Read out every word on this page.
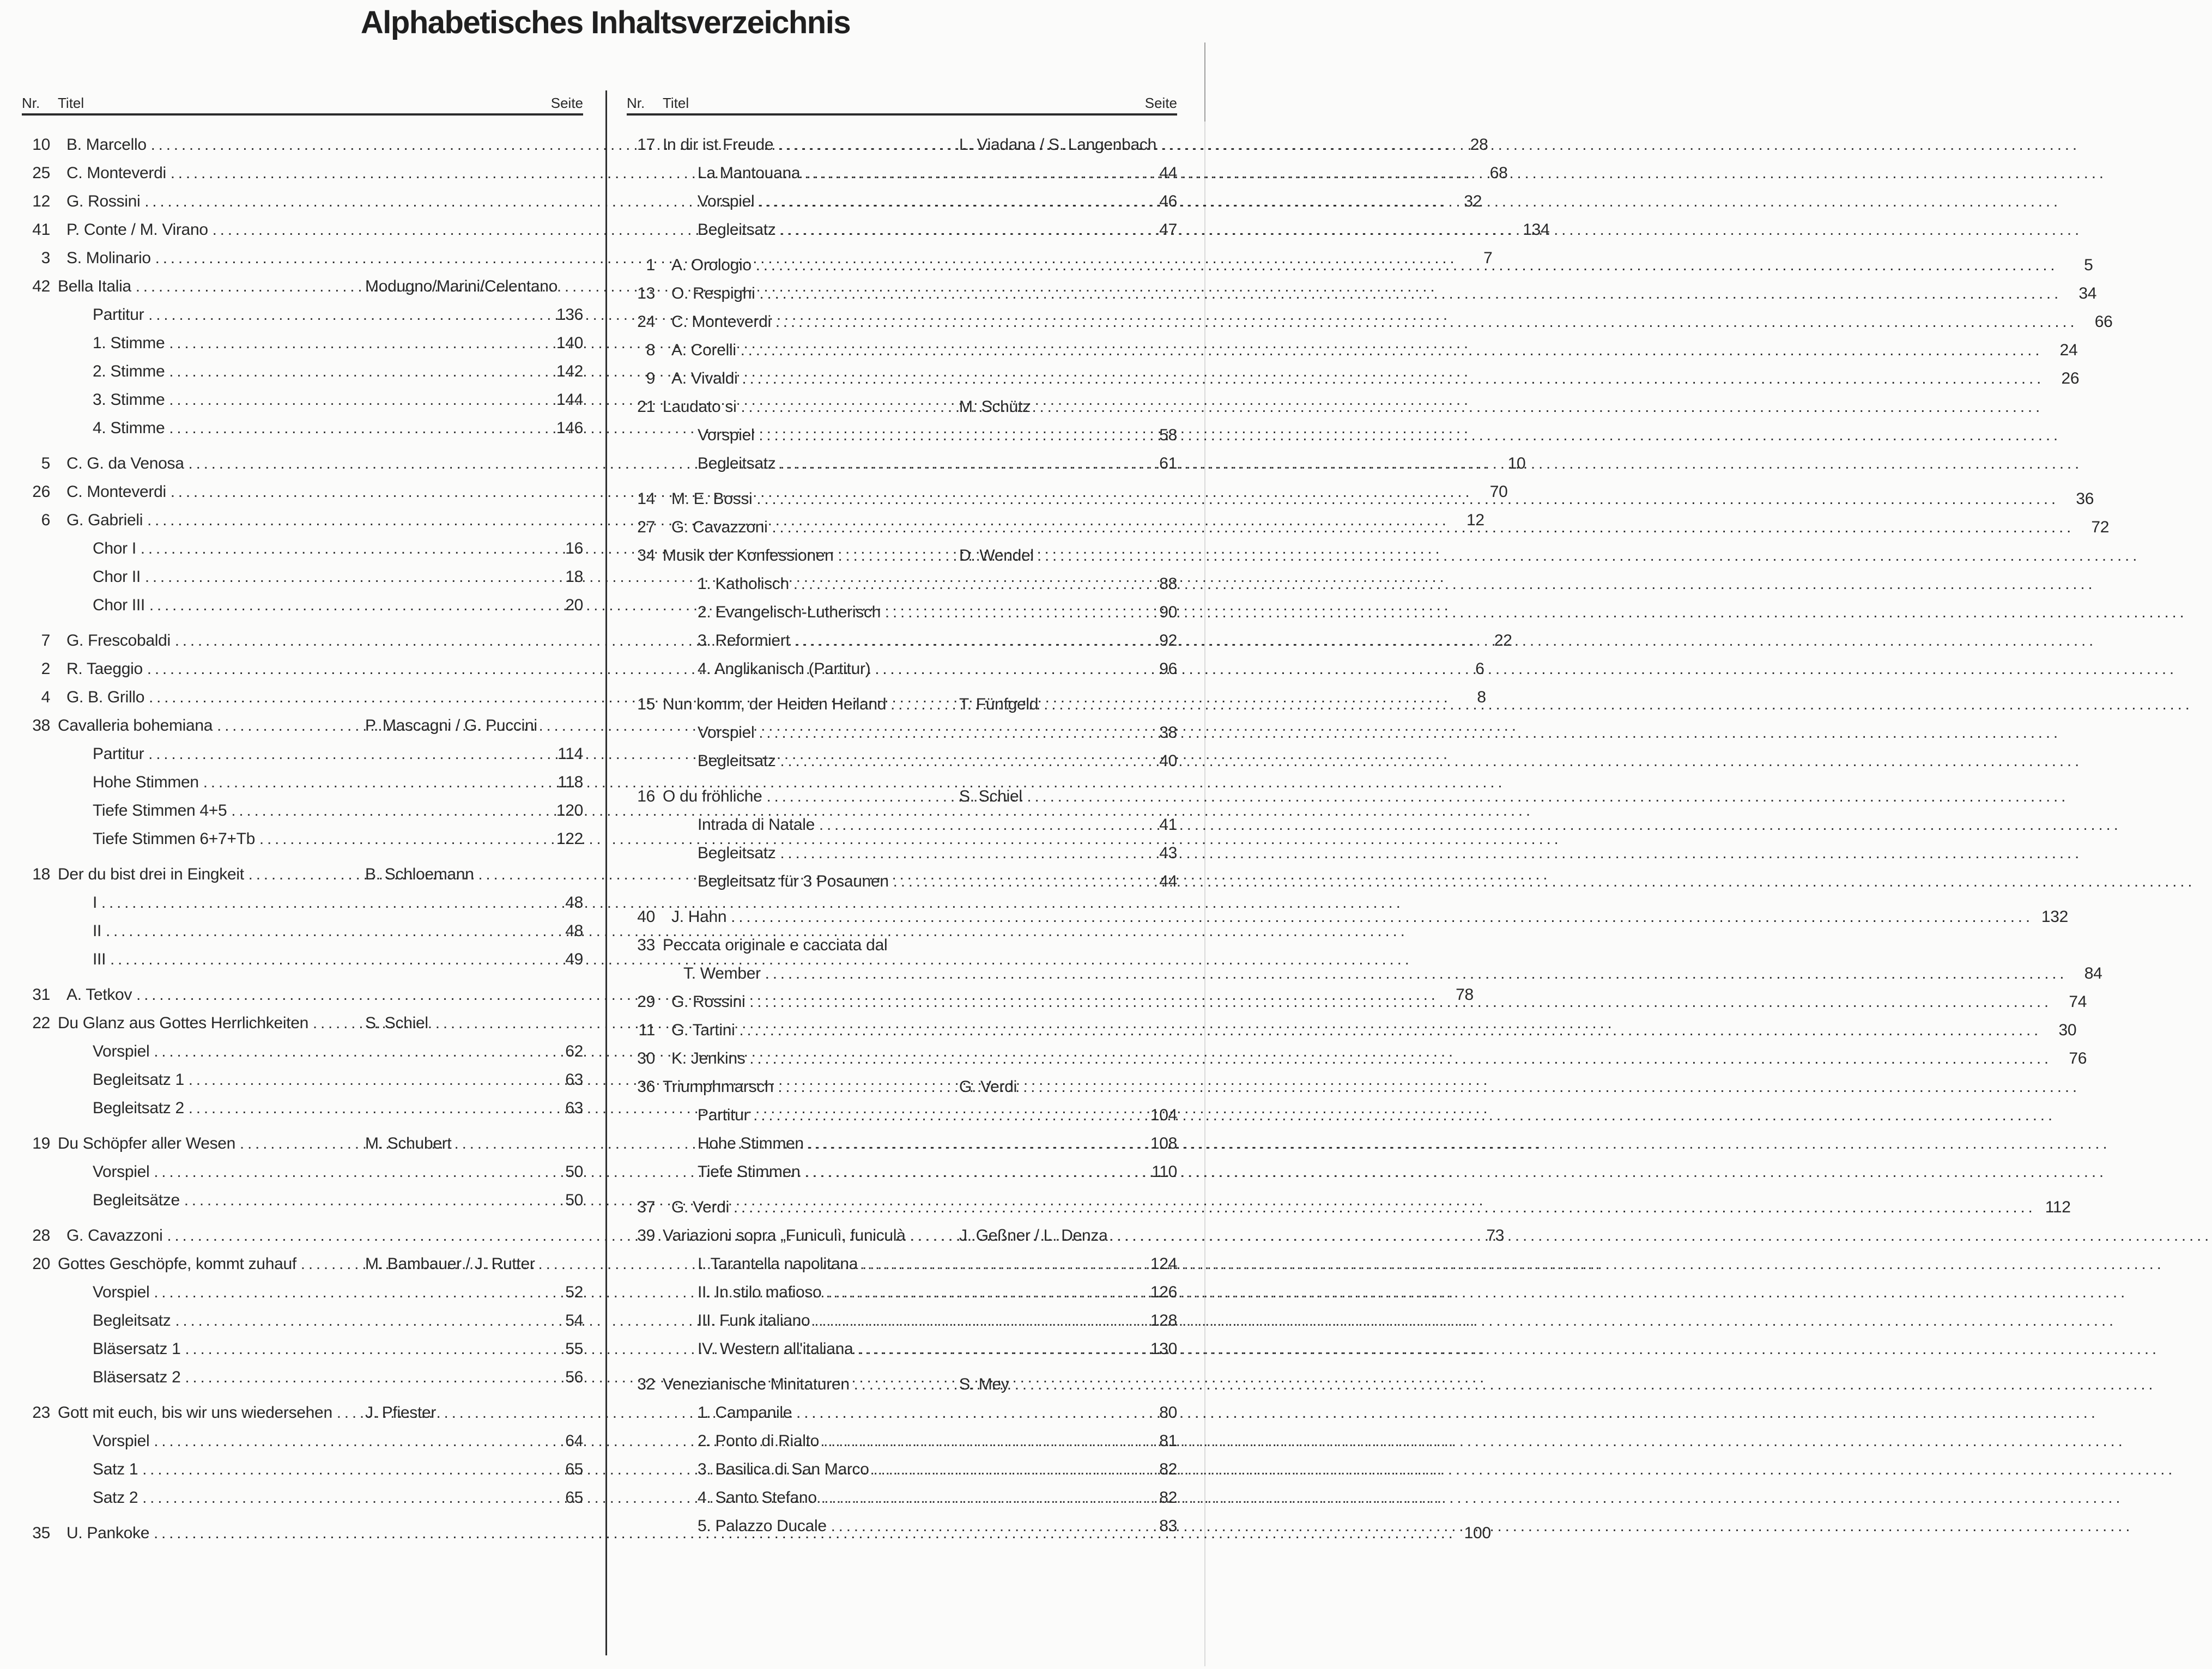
Alphabetisches Inhaltsverzeichnis
Nr.	Titel	Seite
10 B. Marcello .....	28
25 C. Monteverdi .....	68
12 G. Rossini .....	32
41 P. Conte / M. Virano .....	134
3 S. Molinario .....	7
42 Bella Italia .....	Modugno/Marini/Celentano
Partitur .....	136
1. Stimme .....	140
2. Stimme .....	142
3. Stimme .....	144
4. Stimme .....	146
5 C. G. da Venosa .....	10
26 C. Monteverdi .....	70
6 G. Gabrieli .....	12
Chor I .....	16
Chor II .....	18
Chor III .....	20
7 G. Frescobaldi .....	22
2 R. Taeggio .....	6
4 G. B. Grillo .....	8
38 Cavalleria bohemiana .....	P. Mascagni / G. Puccini
Partitur .....	114
Hohe Stimmen .....	118
Tiefe Stimmen 4+5 .....	120
Tiefe Stimmen 6+7+Tb .....	122
18 Der du bist drei in Eingkeit .....	B. Schloemann
I .....	48
II .....	48
III .....	49
31 A. Tetkov .....	78
22 Du Glanz aus Gottes Herrlichkeiten .....	S. Schiel
Vorspiel .....	62
Begleitsatz 1 .....	63
Begleitsatz 2 .....	63
19 Du Schöpfer aller Wesen .....	M. Schubert
Vorspiel .....	50
Begleitsätze .....	50
28 G. Cavazzoni .....	73
20 Gottes Geschöpfe, kommt zuhauf .....	M. Bambauer / J. Rutter
Vorspiel .....	52
Begleitsatz .....	54
Bläsersatz 1 .....	55
Bläsersatz 2 .....	56
23 Gott mit euch, bis wir uns wiedersehen ..... J. Pfiester
Vorspiel .....	64
Satz 1 .....	65
Satz 2 .....	65
35 U. Pankoke .....	100
Nr.	Titel	Seite
17 In dir ist Freude .....	L. Viadana / S. Langenbach
La Mantouana .....	44
Vorspiel .....	46
Begleitsatz .....	47
1 A. Orologio .....	5
13 O. Respighi .....	34
24 C. Monteverdi .....	66
8 A. Corelli .....	24
9 A. Vivaldi .....	26
21 Laudato si .....	M. Schütz
Vorspiel .....	58
Begleitsatz .....	61
14 M. E. Bossi .....	36
27 G. Cavazzoni .....	72
34 Musik der Konfessionen .....	D. Wendel
1. Katholisch .....	88
2. Evangelisch-Lutherisch .....	90
3. Reformiert .....	92
4. Anglikanisch (Partitur) .....	96
15 Nun komm, der Heiden Heiland .....	T. Fünfgeld
Vorspiel .....	38
Begleitsatz .....	40
16 O du fröhliche .....	S. Schiel
Intrada di Natale .....	41
Begleitsatz .....	43
Begleitsatz für 3 Posaunen .....	44
40 J. Hahn .....	132
33 Peccata originale e cacciata dal
T. Wember .....	84
29 G. Rossini .....	74
11 G. Tartini .....	30
30 K. Jenkins .....	76
36 Triumphmarsch .....	G. Verdi
Partitur .....	104
Hohe Stimmen .....	108
Tiefe Stimmen .....	110
37 G. Verdi .....	112
39 Variazioni sopra „Funiculì, funiculà .....	J. Geßner / L. Denza
I. Tarantella napolitana .....	124
II. In stilo mafioso .....	126
III. Funk italiano .....	128
IV. Western all'italiana .....	130
32 Venezianische Minitaturen .....	S. Mey
1. Campanile .....	80
2. Ponto di Rialto .....	81
3. Basilica di San Marco .....	82
4. Santo Stefano .....	82
5. Palazzo Ducale .....	83
